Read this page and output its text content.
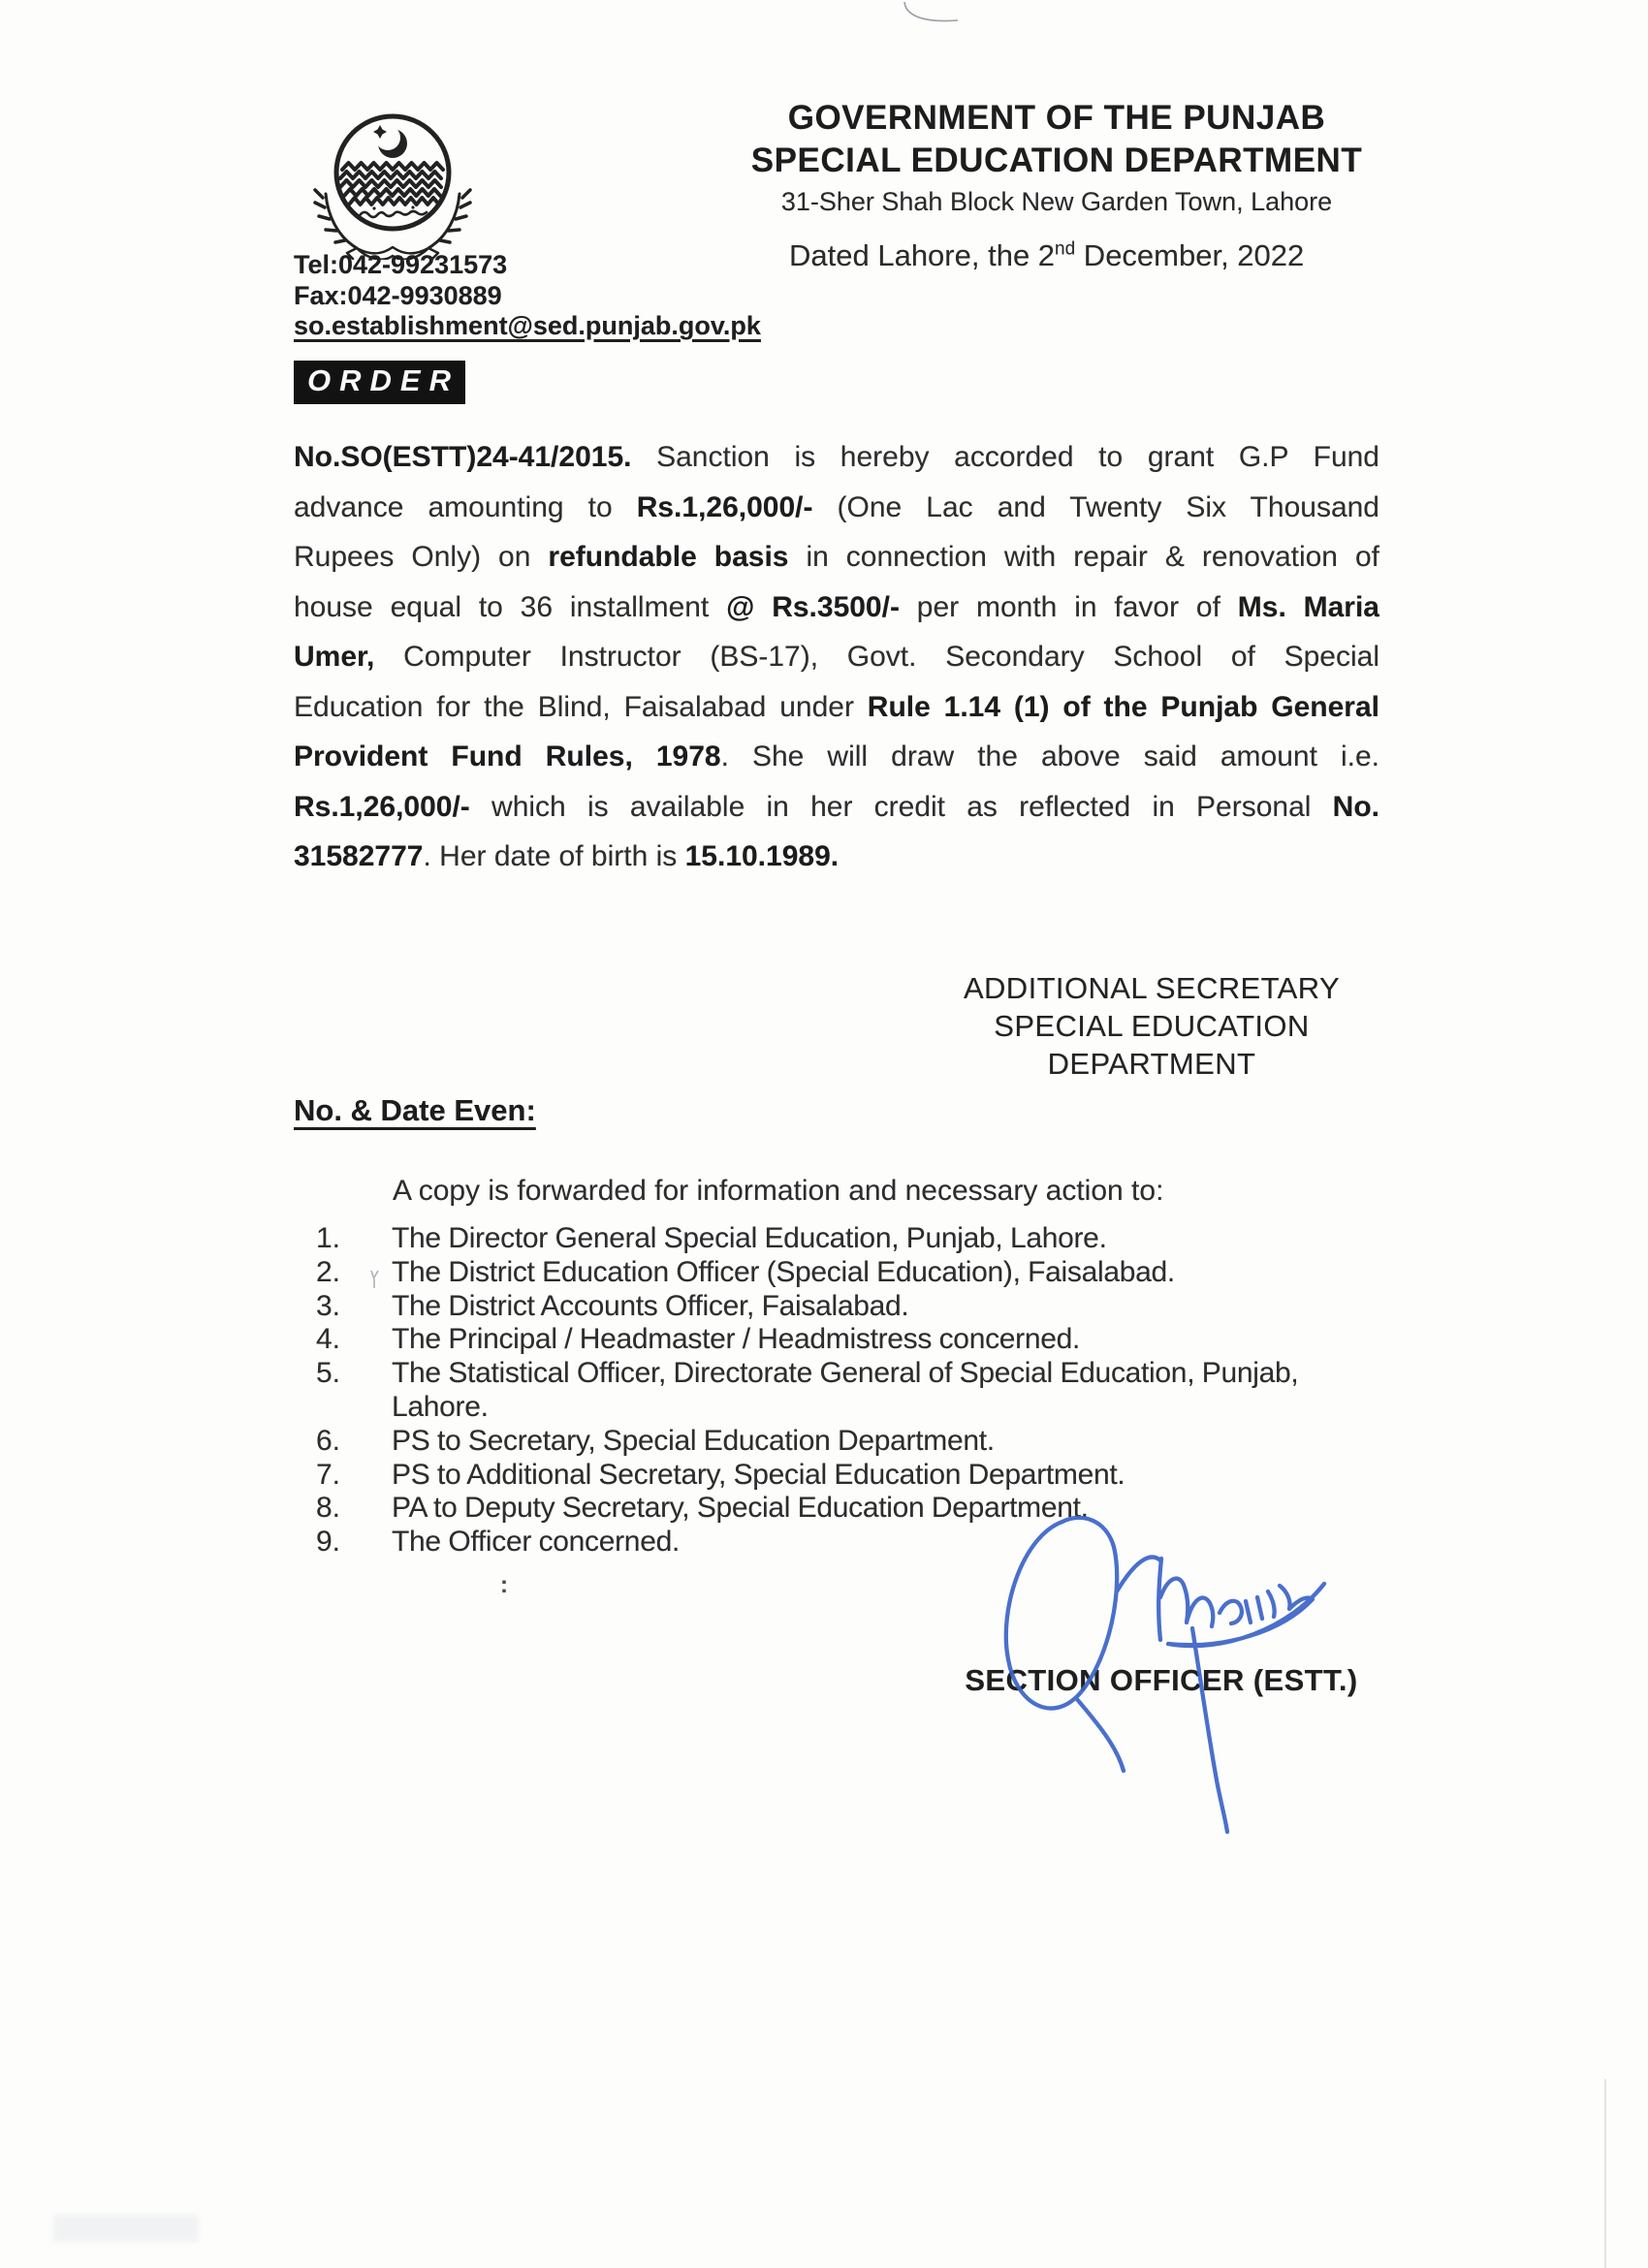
GOVERNMENT OF THE PUNJAB
SPECIAL EDUCATION DEPARTMENT
31-Sher Shah Block New Garden Town, Lahore
Dated Lahore, the 2nd December, 2022
Tel:042-99231573
Fax:042-9930889
so.establishment@sed.punjab.gov.pk
ORDER
No.SO(ESTT)24-41/2015. Sanction is hereby accorded to grant G.P Fund
advance amounting to Rs.1,26,000/- (One Lac and Twenty Six Thousand
Rupees Only) on refundable basis in connection with repair & renovation of
house equal to 36 installment @ Rs.3500/- per month in favor of Ms. Maria
Umer, Computer Instructor (BS-17), Govt. Secondary School of Special
Education for the Blind, Faisalabad under Rule 1.14 (1) of the Punjab General
Provident Fund Rules, 1978. She will draw the above said amount i.e.
Rs.1,26,000/- which is available in her credit as reflected in Personal No.
31582777. Her date of birth is 15.10.1989.
ADDITIONAL SECRETARY
SPECIAL EDUCATION
DEPARTMENT
No. & Date Even:
A copy is forwarded for information and necessary action to:
1.	The Director General Special Education, Punjab, Lahore.
2.	The District Education Officer (Special Education), Faisalabad.
3.	The District Accounts Officer, Faisalabad.
4.	The Principal / Headmaster / Headmistress concerned.
5.	The Statistical Officer, Directorate General of Special Education, Punjab, Lahore.
6.	PS to Secretary, Special Education Department.
7.	PS to Additional Secretary, Special Education Department.
8.	PA to Deputy Secretary, Special Education Department.
9.	The Officer concerned.
:
SECTION OFFICER (ESTT.)
